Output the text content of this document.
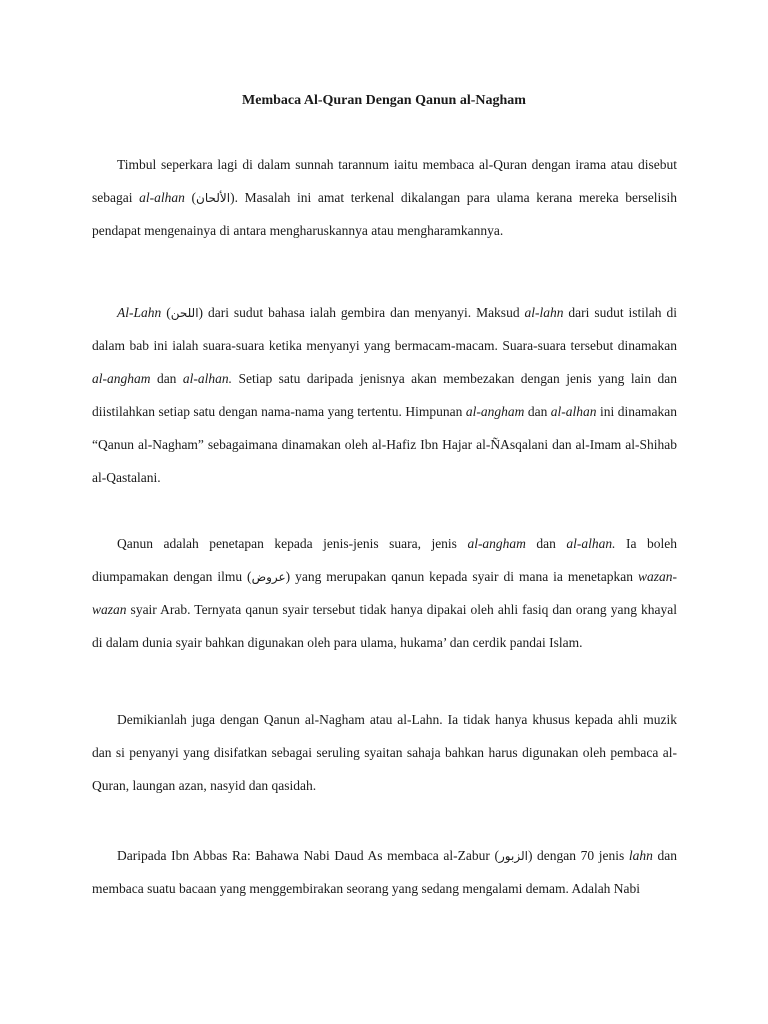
Membaca Al-Quran Dengan Qanun al-Nagham

Timbul seperkara lagi di dalam sunnah tarannum iaitu membaca al-Quran dengan irama atau disebut sebagai al-alhan (الألحان). Masalah ini amat terkenal dikalangan para ulama kerana mereka berselisih pendapat mengenainya di antara mengharuskannya atau mengharamkannya.

Al-Lahn (اللحن) dari sudut bahasa ialah gembira dan menyanyi. Maksud al-lahn dari sudut istilah di dalam bab ini ialah suara-suara ketika menyanyi yang bermacam-macam. Suara-suara tersebut dinamakan al-angham dan al-alhan. Setiap satu daripada jenisnya akan membezakan dengan jenis yang lain dan diistilahkan setiap satu dengan nama-nama yang tertentu. Himpunan al-angham dan al-alhan ini dinamakan “Qanun al-Nagham” sebagaimana dinamakan oleh al-Hafiz Ibn Hajar al-ÑAsqalani dan al-Imam al-Shihab al-Qastalani.

Qanun adalah penetapan kepada jenis-jenis suara, jenis al-angham dan al-alhan. Ia boleh diumpamakan dengan ilmu (عروض) yang merupakan qanun kepada syair di mana ia menetapkan wazan-wazan syair Arab. Ternyata qanun syair tersebut tidak hanya dipakai oleh ahli fasiq dan orang yang khayal di dalam dunia syair bahkan digunakan oleh para ulama, hukama’ dan cerdik pandai Islam.

Demikianlah juga dengan Qanun al-Nagham atau al-Lahn. Ia tidak hanya khusus kepada ahli muzik dan si penyanyi yang disifatkan sebagai seruling syaitan sahaja bahkan harus digunakan oleh pembaca al-Quran, laungan azan, nasyid dan qasidah.

Daripada Ibn Abbas Ra: Bahawa Nabi Daud As membaca al-Zabur (الزبور) dengan 70 jenis lahn dan membaca suatu bacaan yang menggembirakan seorang yang sedang mengalami demam. Adalah Nabi
